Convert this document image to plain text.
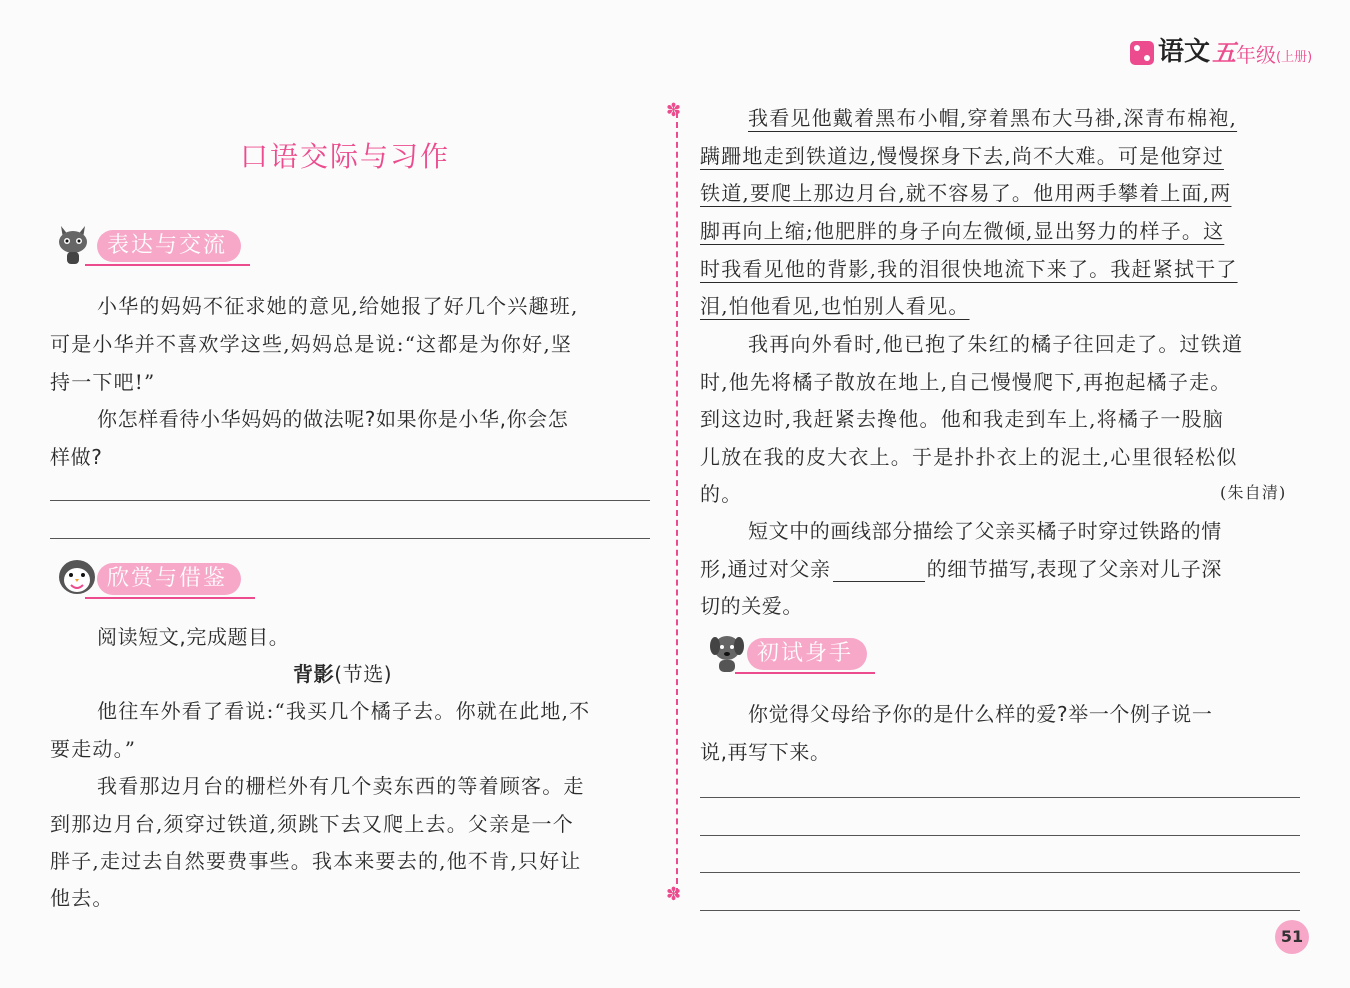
语文 五 年级 (上册)
口语交际与习作
表达与交流
小华的妈妈不征求她的意见,给她报了好几个兴趣班,
可是小华并不喜欢学这些,妈妈总是说:“这都是为你好,坚
持一下吧!”
你怎样看待小华妈妈的做法呢?如果你是小华,你会怎
样做?
欣赏与借鉴
阅读短文,完成题目。
背影(节选)
他往车外看了看说:“我买几个橘子去。你就在此地,不
要走动。”
我看那边月台的栅栏外有几个卖东西的等着顾客。走
到那边月台,须穿过铁道,须跳下去又爬上去。父亲是一个
胖子,走过去自然要费事些。我本来要去的,他不肯,只好让
他去。
✽
✽
我看见他戴着黑布小帽,穿着黑布大马褂,深青布棉袍,
蹒跚地走到铁道边,慢慢探身下去,尚不大难。可是他穿过
铁道,要爬上那边月台,就不容易了。他用两手攀着上面,两
脚再向上缩;他肥胖的身子向左微倾,显出努力的样子。这
时我看见他的背影,我的泪很快地流下来了。我赶紧拭干了
泪,怕他看见,也怕别人看见。
我再向外看时,他已抱了朱红的橘子往回走了。过铁道
时,他先将橘子散放在地上,自己慢慢爬下,再抱起橘子走。
到这边时,我赶紧去搀他。他和我走到车上,将橘子一股脑
儿放在我的皮大衣上。于是扑扑衣上的泥土,心里很轻松似
的。	(朱自清)
短文中的画线部分描绘了父亲买橘子时穿过铁路的情
形,通过对父亲	的细节描写,表现了父亲对儿子深
切的关爱。
初试身手
你觉得父母给予你的是什么样的爱?举一个例子说一
说,再写下来。
51
